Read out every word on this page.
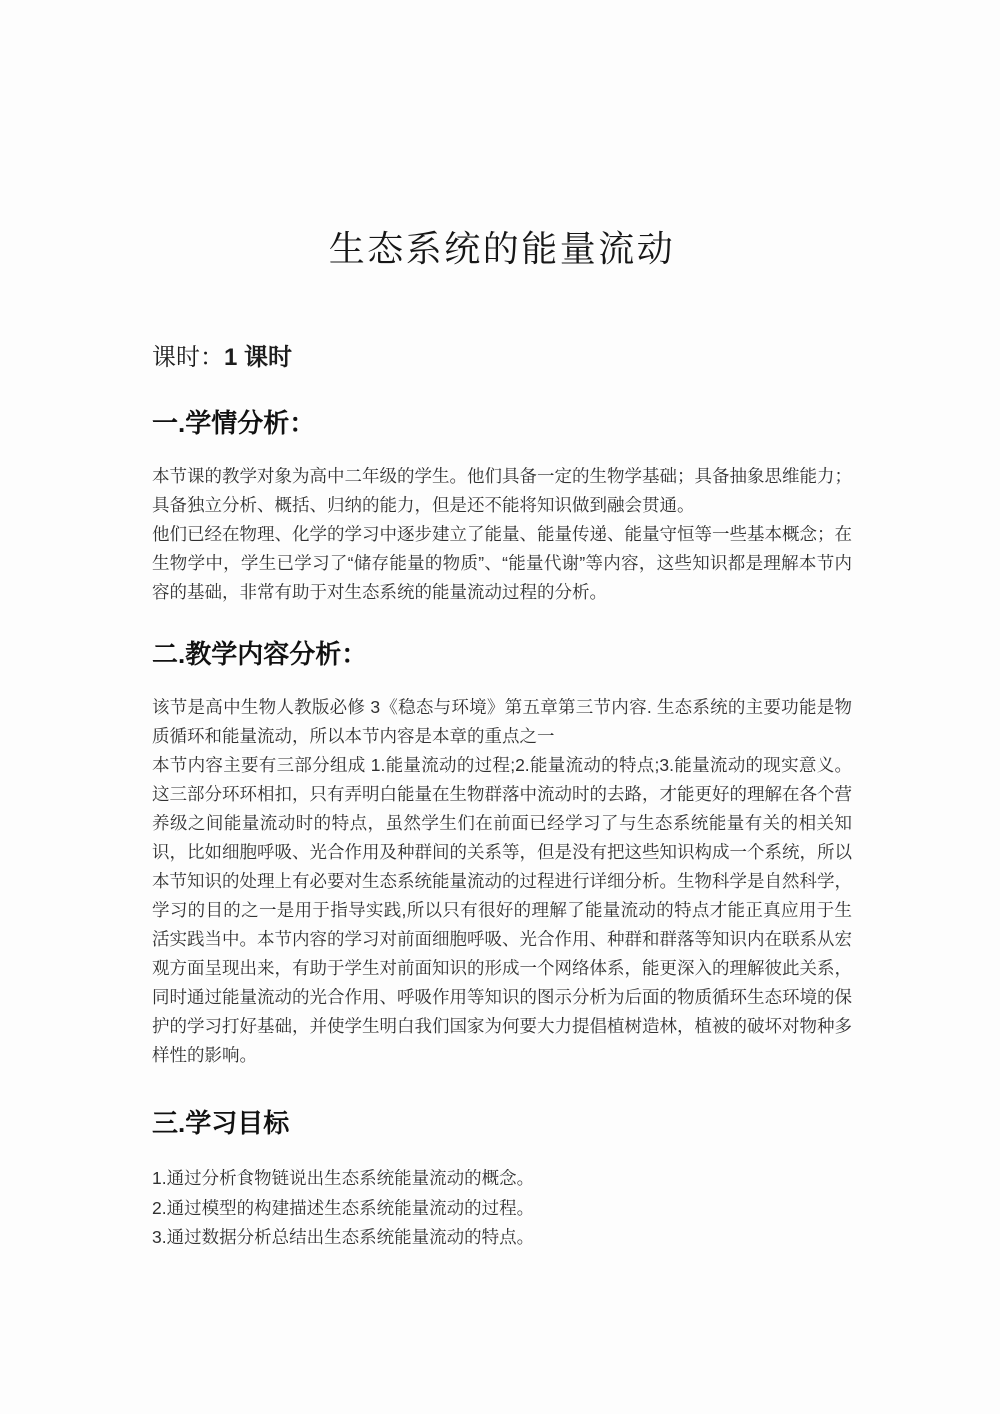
生态系统的能量流动

课时：1 课时

一.学情分析：

本节课的教学对象为高中二年级的学生。他们具备一定的生物学基础；具备抽象思维能力；具备独立分析、概括、归纳的能力，但是还不能将知识做到融会贯通。

他们已经在物理、化学的学习中逐步建立了能量、能量传递、能量守恒等一些基本概念；在生物学中，学生已学习了“储存能量的物质”、“能量代谢”等内容，这些知识都是理解本节内容的基础，非常有助于对生态系统的能量流动过程的分析。

二.教学内容分析：

该节是高中生物人教版必修 3《稳态与环境》第五章第三节内容. 生态系统的主要功能是物质循环和能量流动，所以本节内容是本章的重点之一

本节内容主要有三部分组成 1.能量流动的过程;2.能量流动的特点;3.能量流动的现实意义。这三部分环环相扣，只有弄明白能量在生物群落中流动时的去路，才能更好的理解在各个营养级之间能量流动时的特点，虽然学生们在前面已经学习了与生态系统能量有关的相关知识，比如细胞呼吸、光合作用及种群间的关系等，但是没有把这些知识构成一个系统，所以本节知识的处理上有必要对生态系统能量流动的过程进行详细分析。生物科学是自然科学，学习的目的之一是用于指导实践,所以只有很好的理解了能量流动的特点才能正真应用于生活实践当中。本节内容的学习对前面细胞呼吸、光合作用、种群和群落等知识内在联系从宏观方面呈现出来，有助于学生对前面知识的形成一个网络体系，能更深入的理解彼此关系，同时通过能量流动的光合作用、呼吸作用等知识的图示分析为后面的物质循环生态环境的保护的学习打好基础，并使学生明白我们国家为何要大力提倡植树造林，植被的破坏对物种多样性的影响。

三.学习目标

1.通过分析食物链说出生态系统能量流动的概念。

2.通过模型的构建描述生态系统能量流动的过程。

3.通过数据分析总结出生态系统能量流动的特点。
